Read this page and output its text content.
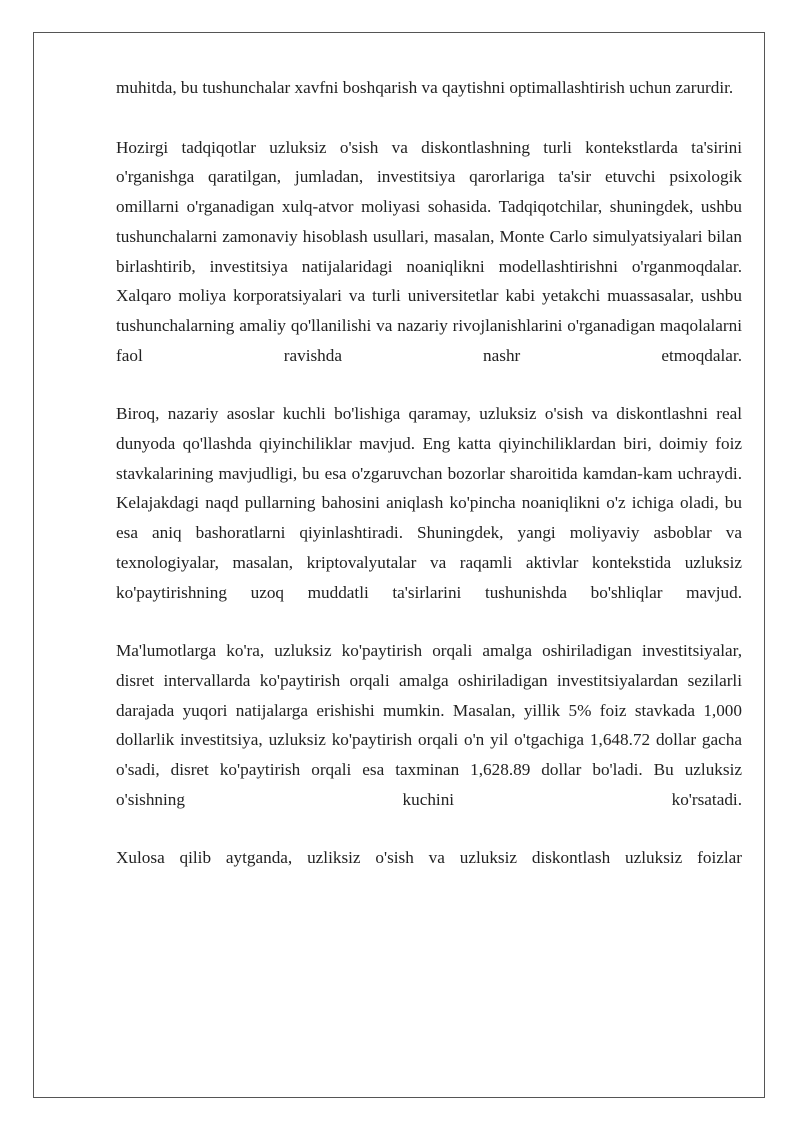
muhitda, bu tushunchalar xavfni boshqarish va qaytishni optimallashtirish uchun zarurdir.

Hozirgi tadqiqotlar uzluksiz o'sish va diskontlashning turli kontekstlarda ta'sirini o'rganishga qaratilgan, jumladan, investitsiya qarorlariga ta'sir etuvchi psixologik omillarni o'rganadigan xulq-atvor moliyasi sohasida. Tadqiqotchilar, shuningdek, ushbu tushunchalarni zamonaviy hisoblash usullari, masalan, Monte Carlo simulyatsiyalari bilan birlashtirib, investitsiya natijalaridagi noaniqlikni modellashtirishni o'rganmoqdalar. Xalqaro moliya korporatsiyalari va turli universitetlar kabi yetakchi muassasalar, ushbu tushunchalarning amaliy qo'llanilishi va nazariy rivojlanishlarini o'rganadigan maqolalarni faol ravishda nashr etmoqdalar.

Biroq, nazariy asoslar kuchli bo'lishiga qaramay, uzluksiz o'sish va diskontlashni real dunyoda qo'llashda qiyinchiliklar mavjud. Eng katta qiyinchiliklardan biri, doimiy foiz stavkalarining mavjudligi, bu esa o'zgaruvchan bozorlar sharoitida kamdan-kam uchraydi. Kelajakdagi naqd pullarning bahosini aniqlash ko'pincha noaniqlikni o'z ichiga oladi, bu esa aniq bashoratlarni qiyinlashtiradi. Shuningdek, yangi moliyaviy asboblar va texnologiyalar, masalan, kriptovalyutalar va raqamli aktivlar kontekstida uzluksiz ko'paytirishning uzoq muddatli ta'sirlarini tushunishda bo'shliqlar mavjud.

Ma'lumotlarga ko'ra, uzluksiz ko'paytirish orqali amalga oshiriladigan investitsiyalar, disret intervallarda ko'paytirish orqali amalga oshiriladigan investitsiyalardan sezilarli darajada yuqori natijalarga erishishi mumkin. Masalan, yillik 5% foiz stavkada 1,000 dollarlik investitsiya, uzluksiz ko'paytirish orqali o'n yil o'tgachiga 1,648.72 dollar gacha o'sadi, disret ko'paytirish orqali esa taxminan 1,628.89 dollar bo'ladi. Bu uzluksiz o'sishning kuchini ko'rsatadi.

Xulosa qilib aytganda, uzliksiz o'sish va uzluksiz diskontlash uzluksiz foizlar
